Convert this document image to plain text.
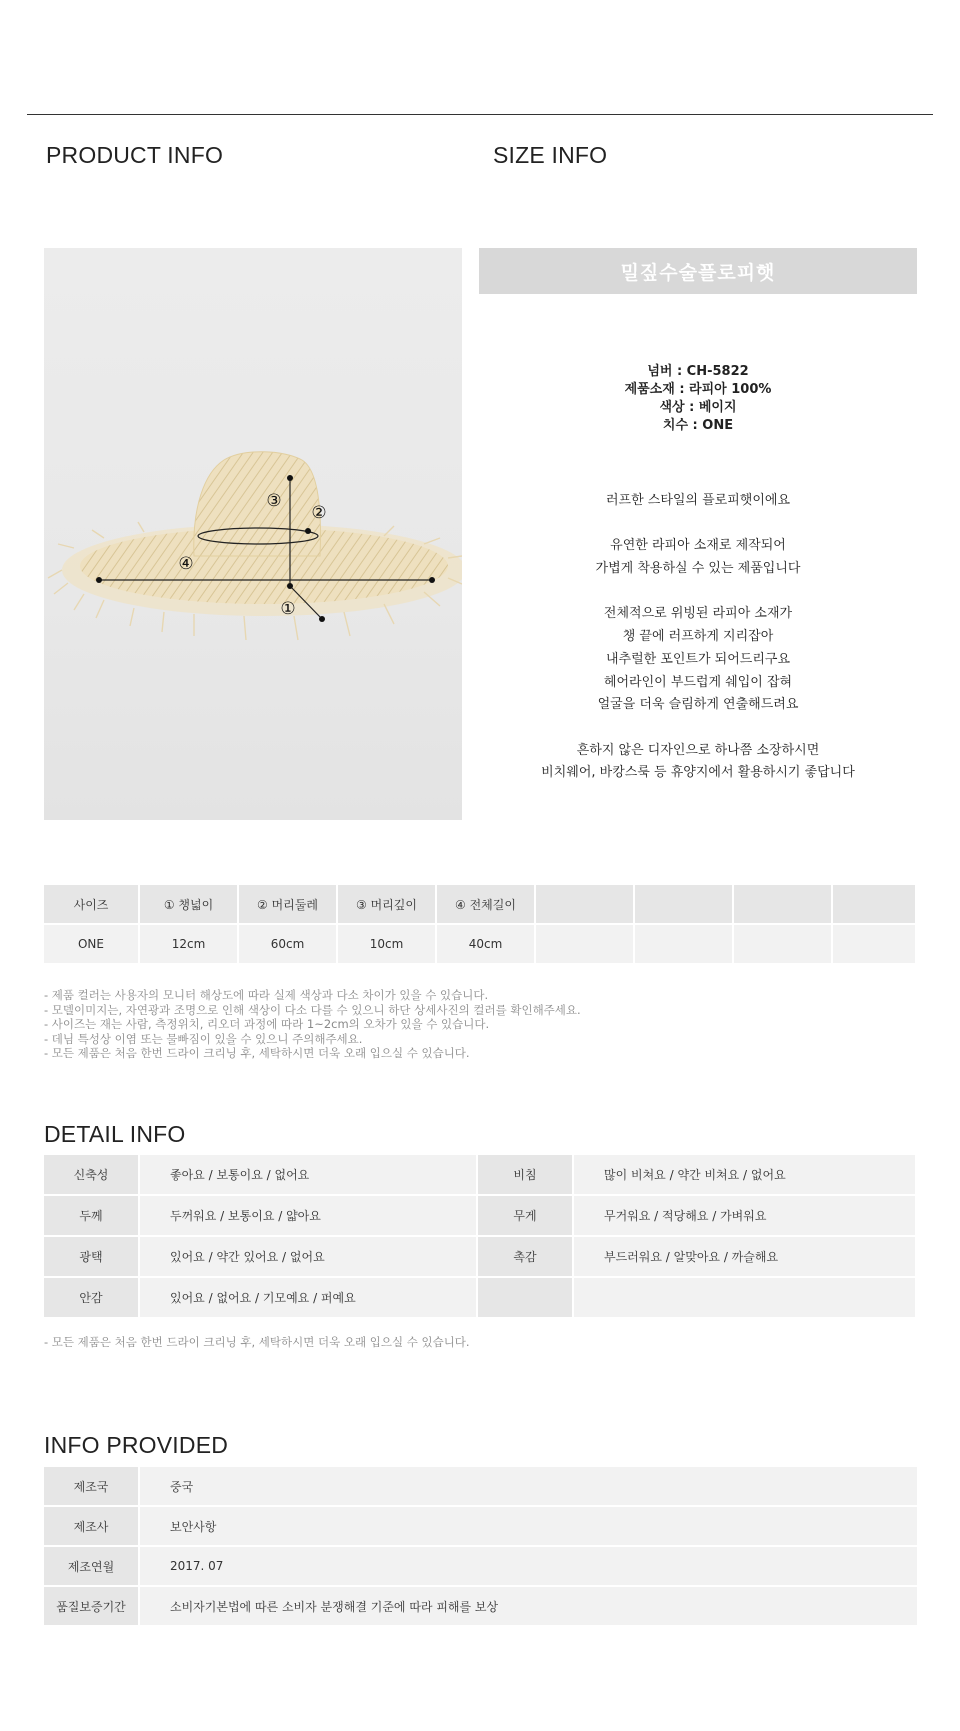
PRODUCT INFO	SIZE INFO
③
②
④
①
밀짚수술플로피햇
넘버 : CH-5822
제품소재 : 라피아 100%
색상 : 베이지
치수 : ONE
러프한 스타일의 플로피햇이에요
유연한 라피아 소재로 제작되어
가볍게 착용하실 수 있는 제품입니다
전체적으로 위빙된 라피아 소재가
챙 끝에 러프하게 지리잡아
내추럴한 포인트가 되어드리구요
헤어라인이 부드럽게 쉐입이 잡혀
얼굴을 더욱 슬림하게 연출해드려요
흔하지 않은 디자인으로 하나쯤 소장하시면
비치웨어, 바캉스룩 등 휴양지에서 활용하시기 좋답니다
사이즈	① 챙넓이	② 머리둘레	③ 머리깊이	④ 전체길이				
ONE	12cm	60cm	10cm	40cm				
- 제품 컬러는 사용자의 모니터 해상도에 따라 실제 색상과 다소 차이가 있을 수 있습니다.
- 모델이미지는, 자연광과 조명으로 인해 색상이 다소 다를 수 있으니 하단 상세사진의 컬러를 확인해주세요.
- 사이즈는 재는 사람, 측정위치, 리오더 과정에 따라 1~2cm의 오차가 있을 수 있습니다.
- 데님 특성상 이염 또는 물빠짐이 있을 수 있으니 주의해주세요.
- 모든 제품은 처음 한번 드라이 크리닝 후, 세탁하시면 더욱 오래 입으실 수 있습니다.
DETAIL INFO
신축성	좋아요 / 보통이요 / 없어요	비침	많이 비쳐요 / 약간 비쳐요 / 없어요
두께	두꺼워요 / 보통이요 / 얇아요	무게	무거워요 / 적당해요 / 가벼워요
광택	있어요 / 약간 있어요 / 없어요	촉감	부드러워요 / 알맞아요 / 까슬해요
안감	있어요 / 없어요 / 기모예요 / 퍼예요		
- 모든 제품은 처음 한번 드라이 크리닝 후, 세탁하시면 더욱 오래 입으실 수 있습니다.
INFO PROVIDED
제조국	중국
제조사	보안사항
제조연월	2017. 07
품질보증기간	소비자기본법에 따른 소비자 분쟁해결 기준에 따라 피해를 보상
